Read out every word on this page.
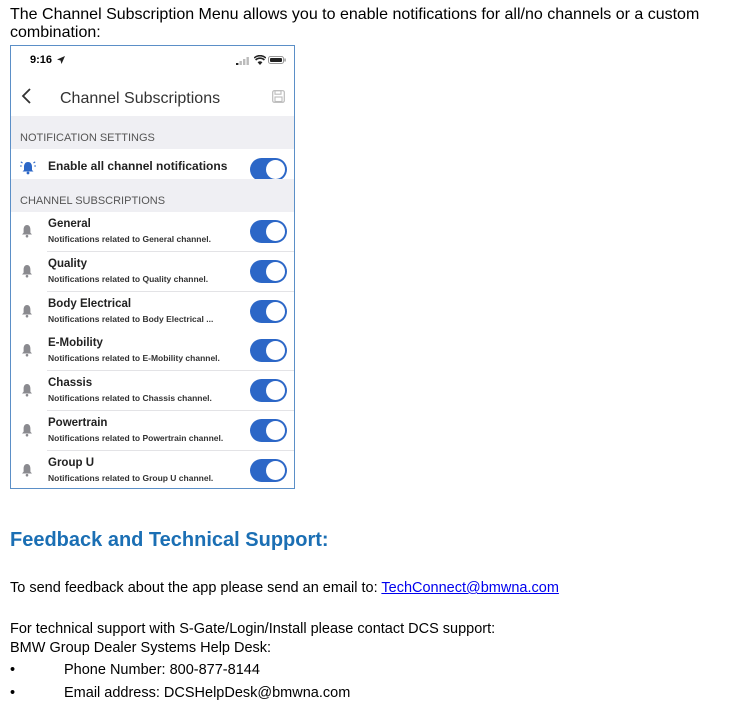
The Channel Subscription Menu allows you to enable notifications for all/no channels or a custom combination:

9:16
Channel Subscriptions
NOTIFICATION SETTINGS
Enable all channel notifications
CHANNEL SUBSCRIPTIONS
General
Notifications related to General channel.
Quality
Notifications related to Quality channel.
Body Electrical
Notifications related to Body Electrical ...
E-Mobility
Notifications related to E-Mobility channel.
Chassis
Notifications related to Chassis channel.
Powertrain
Notifications related to Powertrain channel.
Group U
Notifications related to Group U channel.
Feedback and Technical Support:

To send feedback about the app please send an email to: TechConnect@bmwna.com

For technical support with S-Gate/Login/Install please contact DCS support:

BMW Group Dealer Systems Help Desk:

•	Phone Number: 800-877-8144
•	Email address: DCSHelpDesk@bmwna.com
